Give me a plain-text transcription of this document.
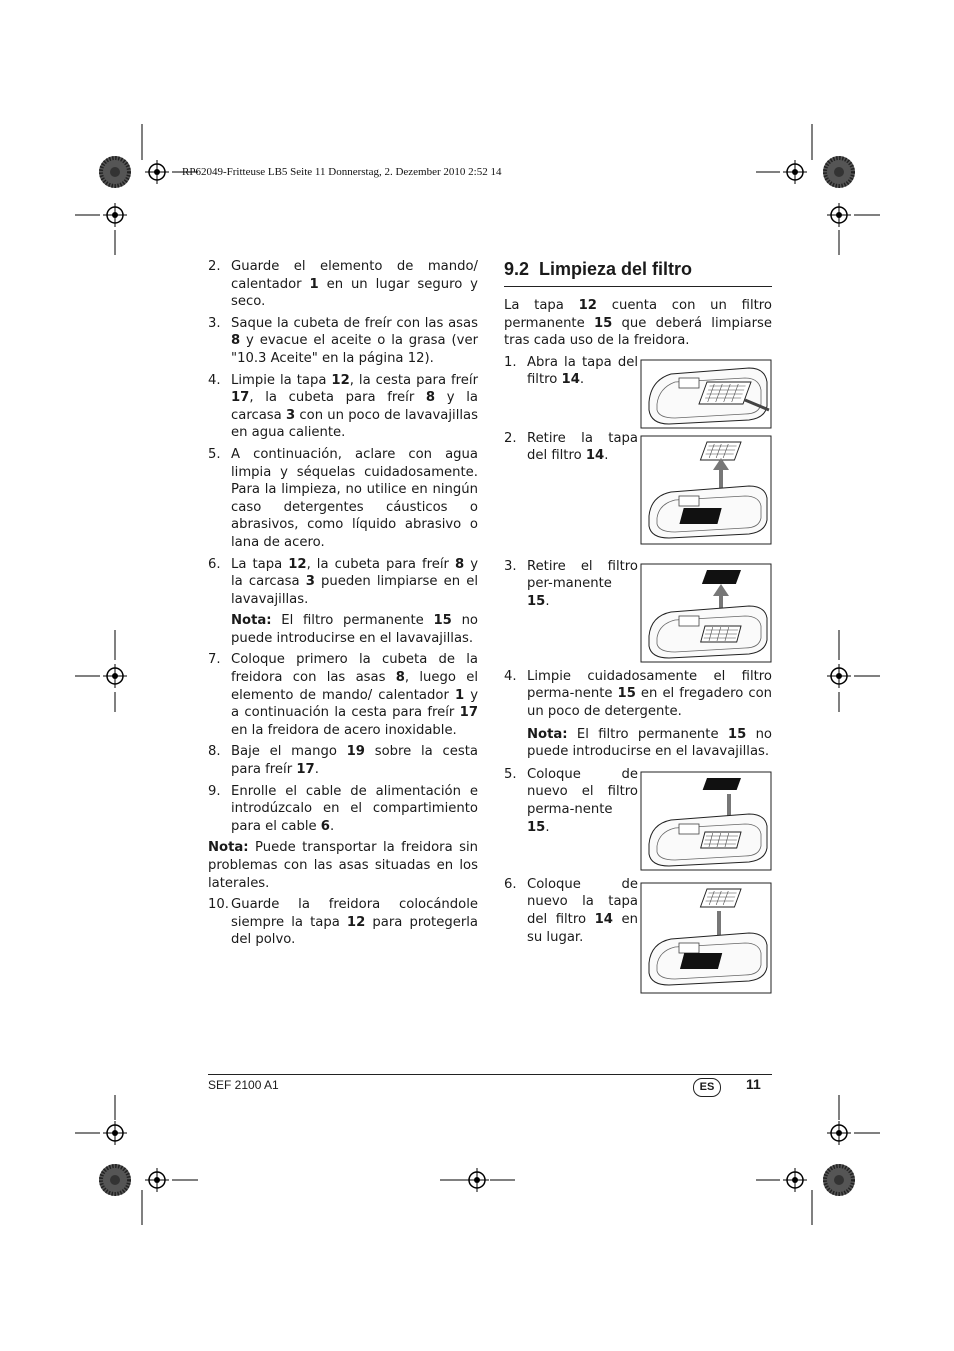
RP62049-Fritteuse LB5 Seite 11 Donnerstag, 2. Dezember 2010 2:52 14
2. Guarde el elemento de mando/ calentador 1 en un lugar seguro y seco.
3. Saque la cubeta de freír con las asas 8 y evacue el aceite o la grasa (ver "10.3 Aceite" en la página 12).
4. Limpie la tapa 12, la cesta para freír 17, la cubeta para freír 8 y la carcasa 3 con un poco de lavavajillas en agua caliente.
5. A continuación, aclare con agua limpia y séquelas cuidadosamente. Para la limpieza, no utilice en ningún caso detergentes cáusticos o abrasivos, como líquido abrasivo o lana de acero.
6. La tapa 12, la cubeta para freír 8 y la carcasa 3 pueden limpiarse en el lavavajillas.
Nota: El filtro permanente 15 no puede introducirse en el lavavajillas.
7. Coloque primero la cubeta de la freidora con las asas 8, luego el elemento de mando/ calentador 1 y a continuación la cesta para freír 17 en la freidora de acero inoxidable.
8. Baje el mango 19 sobre la cesta para freír 17.
9. Enrolle el cable de alimentación e introdúzcalo en el compartimiento para el cable 6.
Nota: Puede transportar la freidora sin problemas con las asas situadas en los laterales.
10. Guarde la freidora colocándole siempre la tapa 12 para protegerla del polvo.
9.2 Limpieza del filtro
La tapa 12 cuenta con un filtro permanente 15 que deberá limpiarse tras cada uso de la freidora.
1. Abra la tapa del filtro 14.
2. Retire la tapa del filtro 14.
3. Retire el filtro per-manente 15.
4. Limpie cuidadosamente el filtro perma-nente 15 en el fregadero con un poco de detergente.
Nota: El filtro permanente 15 no puede introducirse en el lavavajillas.
5. Coloque de nuevo el filtro perma-nente 15.
6. Coloque de nuevo la tapa del filtro 14 en su lugar.
SEF 2100 A1	ES	11
